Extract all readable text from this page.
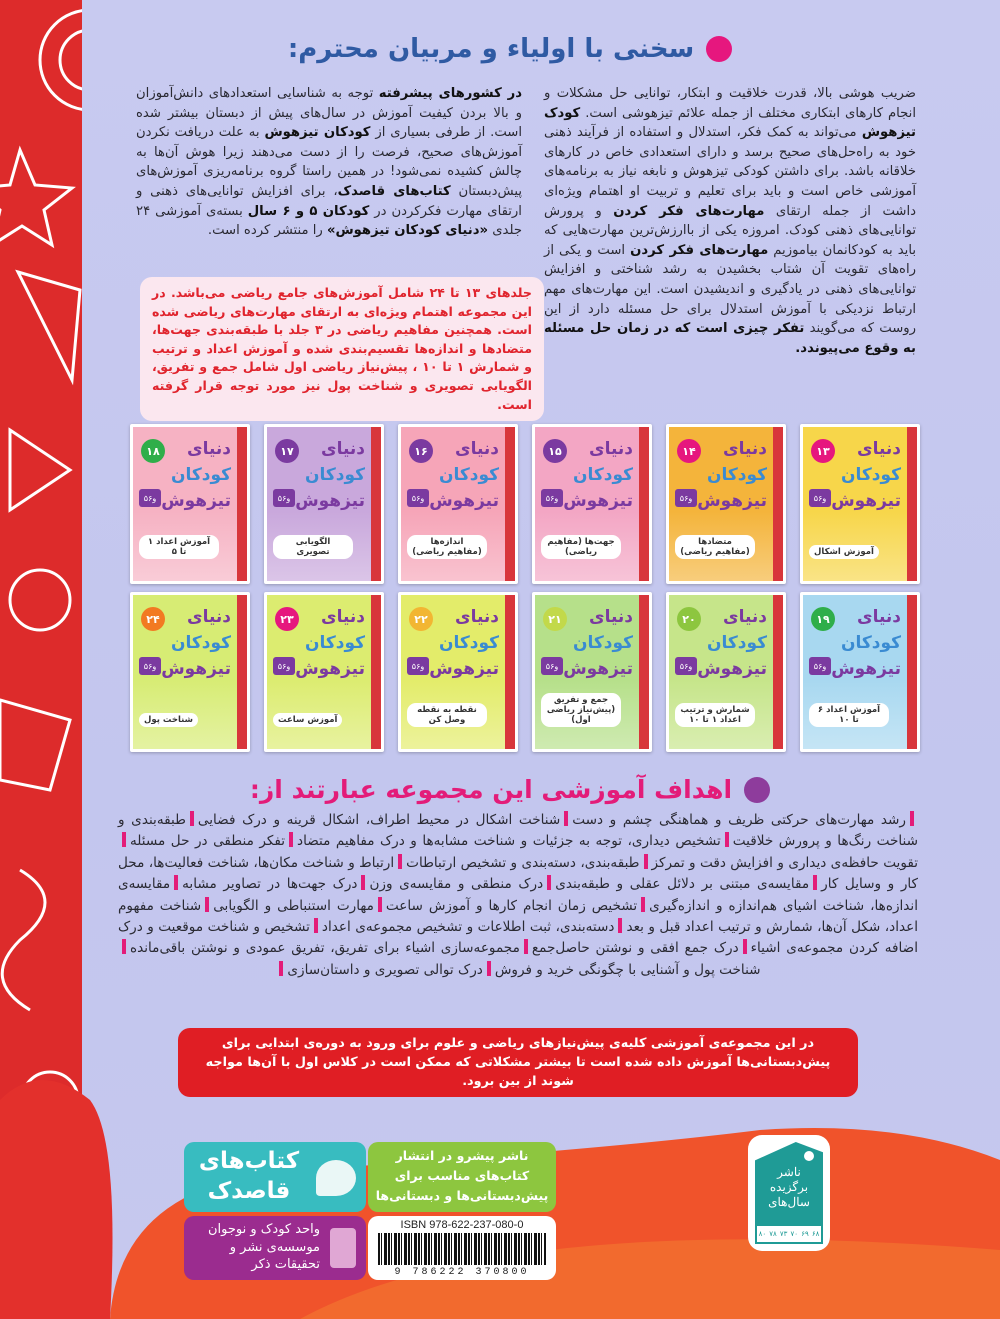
سخنی با اولیاء و مربیان محترم:
ضریب هوشی بالا، قدرت خلاقیت و ابتکار، توانایی حل مشکلات و انجام کارهای ابتکاری مختلف از جمله علائم تیزهوشی است. کودک تیزهوش می‌تواند به کمک فکر، استدلال و استفاده از فرآیند ذهنی خود به راه‌حل‌های صحیح برسد و دارای استعدادی خاص در کارهای خلاقانه باشد. برای داشتن کودکی تیزهوش و نابغه نیاز به برنامه‌های آموزشی خاص است و باید برای تعلیم و تربیت او اهتمام ویژه‌ای داشت از جمله ارتقای مهارت‌های فکر کردن و پرورش توانایی‌های ذهنی کودک. امروزه یکی از باارزش‌ترین مهارت‌هایی که باید به کودکانمان بیاموزیم مهارت‌های فکر کردن است و یکی از راه‌های تقویت آن شتاب بخشیدن به رشد شناختی و افزایش توانایی‌های ذهنی در یادگیری و اندیشیدن است. این مهارت‌های مهم ارتباط نزدیکی با آموزش استدلال برای حل مسئله دارد از این روست که می‌گویند تفکر چیزی است که در زمان حل مسئله به وقوع می‌پیوندد.
در کشورهای پیشرفته توجه به شناسایی استعدادهای دانش‌آموزان و بالا بردن کیفیت آموزش در سال‌های پیش از دبستان بیشتر شده است. از طرفی بسیاری از کودکان تیزهوش به علت دریافت نکردن آموزش‌های صحیح، فرصت را از دست می‌دهند زیرا هوش آن‌ها به چالش کشیده نمی‌شود! در همین راستا گروه برنامه‌ریزی آموزش‌های پیش‌دبستان کتاب‌های قاصدک، برای افزایش توانایی‌های ذهنی و ارتقای مهارت فکرکردن در کودکان ۵ و ۶ سال بسته‌ی آموزشی ۲۴ جلدی «دنیای کودکان تیزهوش» را منتشر کرده است.
جلدهای ۱۳ تا ۲۴ شامل آموزش‌های جامع ریاضی می‌باشد. در این مجموعه اهتمام ویژه‌ای به ارتقای مهارت‌های ریاضی شده است. همچنین مفاهیم ریاضی در ۳ جلد با طبقه‌بندی جهت‌ها، متضادها و اندازه‌ها تقسیم‌بندی شده و آموزش اعداد و ترتیب و شمارش ۱ تا ۱۰ ، پیش‌نیاز ریاضی اول شامل جمع و تفریق، الگویابی تصویری و شناخت پول نیز مورد توجه قرار گرفته است.
۱۳	دنیای
کودکان
تیزهوش
۵و۶
آموزش اشکال
۱۴	دنیای
کودکان
تیزهوش
۵و۶
متضادها (مفاهیم ریاضی)
۱۵	دنیای
کودکان
تیزهوش
۵و۶
جهت‌ها (مفاهیم ریاضی)
۱۶	دنیای
کودکان
تیزهوش
۵و۶
اندازه‌ها (مفاهیم ریاضی)
۱۷	دنیای
کودکان
تیزهوش
۵و۶
الگویابی تصویری
۱۸	دنیای
کودکان
تیزهوش
۵و۶
آموزش اعداد ۱ تا ۵
۱۹	دنیای
کودکان
تیزهوش
۵و۶
آموزش اعداد ۶ تا ۱۰
۲۰	دنیای
کودکان
تیزهوش
۵و۶
شمارش و ترتیب اعداد ۱ تا ۱۰
۲۱	دنیای
کودکان
تیزهوش
۵و۶
جمع و تفریق (پیش‌نیاز ریاضی اول)
۲۲	دنیای
کودکان
تیزهوش
۵و۶
نقطه به نقطه وصل کن
۲۳	دنیای
کودکان
تیزهوش
۵و۶
آموزش ساعت
۲۴	دنیای
کودکان
تیزهوش
۵و۶
شناخت پول
اهداف آموزشی این مجموعه عبارتند از:
رشد مهارت‌های حرکتی ظریف و هماهنگی چشم و دستشناخت اشکال در محیط اطراف، اشکال قرینه و درک فضاییطبقه‌بندی و شناخت رنگ‌ها و پرورش خلاقیتتشخیص دیداری، توجه به جزئیات و شناخت مشابه‌ها و درک مفاهیم متضادتفکر منطقی در حل مسئلهتقویت حافظه‌ی دیداری و افزایش دقت و تمرکزطبقه‌بندی، دسته‌بندی و تشخیص ارتباطاتارتباط و شناخت مکان‌ها، شناخت فعالیت‌ها، محل کار و وسایل کارمقایسه‌ی مبتنی بر دلائل عقلی و طبقه‌بندیدرک منطقی و مقایسه‌ی وزندرک جهت‌ها در تصاویر مشابهمقایسه‌ی اندازه‌ها، شناخت اشیای هم‌اندازه و اندازه‌گیریتشخیص زمان انجام کارها و آموزش ساعتمهارت استنباطی و الگویابیشناخت مفهوم اعداد، شکل آن‌ها، شمارش و ترتیب اعداد قبل و بعددسته‌بندی، ثبت اطلاعات و تشخیص مجموعه‌ی اعدادتشخیص و شناخت موقعیت و درک اضافه کردن مجموعه‌ی اشیاءدرک جمع افقی و نوشتن حاصل‌جمعمجموعه‌سازی اشیاء برای تفریق، تفریق عمودی و نوشتن باقی‌ماندهشناخت پول و آشنایی با چگونگی خرید و فروشدرک توالی تصویری و داستان‌سازی
در این مجموعه‌ی آموزشی کلیه‌ی پیش‌نیازهای ریاضی و علوم برای ورود به دوره‌ی ابتدایی برای پیش‌دبستانی‌ها آموزش داده شده است تا بیشتر مشکلاتی که ممکن است در کلاس اول با آن‌ها مواجه شوند از بین برود.
کتاب‌های قاصدک
واحد کودک و نوجوان
موسسه‌ی نشر و
تحقیقات ذکر
ناشر پیشرو در انتشار
کتاب‌های مناسب برای
پیش‌دبستانی‌ها و دبستانی‌ها
ISBN 978-622-237-080-0
9 786222 370800
ناشر برگزیده سال‌های
۸۰ ۷۸ ۷۳ ۷۰ ۶۹ ۶۸
